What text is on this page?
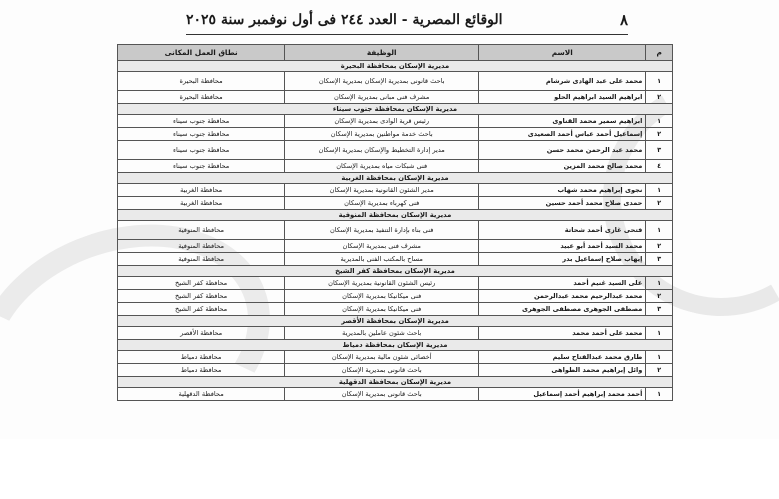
٨
الوقائع المصرية - العدد ٢٤٤ فى أول نوفمبر سنة ٢٠٢٥
م	الاسم	الوظيفة	نطاق العمل المكانى
مديرية الإسكان بمحافظة البحيرة			
١	محمد على عبد الهادى شرشام	باحث قانونى بمديرية الإسكان بمديرية الإسكان	محافظة البحيرة
٢	ابراهيم السيد ابراهيم الحلو	مشرف فنى مبانى بمديرية الإسكان	محافظة البحيرة
مديرية الإسكان بمحافظة جنوب سيناء			
١	ابراهيم سمير محمد القناوى	رئيس قرية الوادى بمديرية الإسكان	محافظة جنوب سيناء
٢	إسماعيل أحمد عباس أحمد الصعيدى	باحث خدمة مواطنين بمديرية الإسكان	محافظة جنوب سيناء
٣	محمد عبد الرحمن محمد حسن	مدير إدارة التخطيط والإسكان بمديرية الإسكان	محافظة جنوب سيناء
٤	محمد صالح محمد المزين	فنى شبكات مياه بمديرية الإسكان	محافظة جنوب سيناء
مديرية الإسكان بمحافظة الغربية			
١	نجوى إبراهيم محمد شهاب	مدير الشئون القانونية بمديرية الإسكان	محافظة الغربية
٢	حمدى صلاح محمد أحمد حسين	فنى كهرباء بمديرية الإسكان	محافظة الغربية
مديرية الإسكان بمحافظة المنوفية			
١	فتحى غازى أحمد شحاتة	فنى بناء بإدارة التنفيذ بمديرية الإسكان	محافظة المنوفية
٢	محمد السيد أحمد أبو عبيد	مشرف فنى بمديرية الإسكان	محافظة المنوفية
٣	إيهاب صلاح إسماعيل بدر	مساح بالمكتب الفنى بالمديرية	محافظة المنوفية
مديرية الإسكان بمحافظة كفر الشيخ			
١	على السيد غنيم أحمد	رئيس الشئون القانونية بمديرية الإسكان	محافظة كفر الشيخ
٢	محمد عبدالرحيم محمد عبدالرحمن	فنى ميكانيكا بمديرية الإسكان	محافظة كفر الشيخ
٣	مصطفى الجوهرى مصطفى الجوهرى	فنى ميكانيكا بمديرية الإسكان	محافظة كفر الشيخ
مديرية الإسكان بمحافظة الأقصر			
١	محمد على أحمد محمد	باحث شئون عاملين بالمديرية	محافظة الأقصر
مديرية الإسكان بمحافظة دمياط			
١	طارق محمد عبدالفتاح سليم	أخصائى شئون مالية بمديرية الإسكان	محافظة دمياط
٢	وائل إبراهيم محمد الطواهى	باحث قانونى بمديرية الإسكان	محافظة دمياط
مديرية الإسكان بمحافظة الدقهلية			
١	أحمد محمد إبراهيم أحمد إسماعيل	باحث قانونى بمديرية الإسكان	محافظة الدقهلية
